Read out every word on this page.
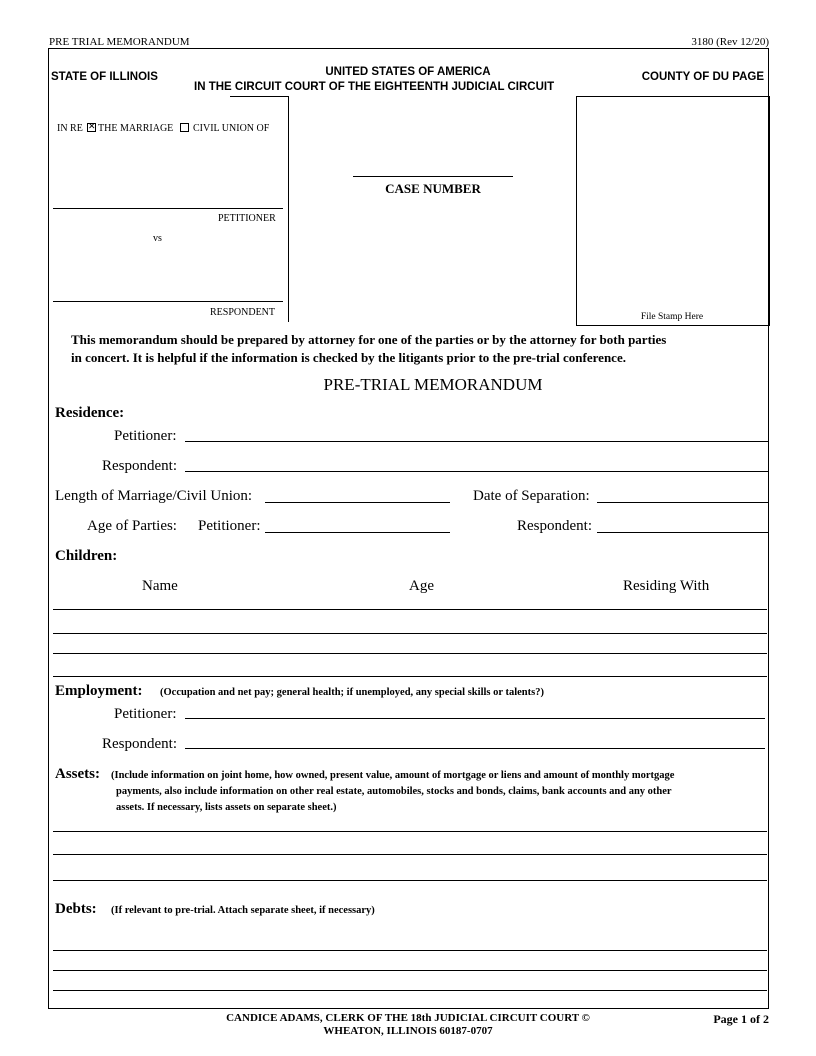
PRE TRIAL MEMORANDUM	3180 (Rev 12/20)
STATE OF ILLINOIS	UNITED STATES OF AMERICA
IN THE CIRCUIT COURT OF THE EIGHTEENTH JUDICIAL CIRCUIT
COUNTY OF DU PAGE
IN RE ✕ THE MARRIAGE CIVIL UNION OF
PETITIONER
vs
RESPONDENT
CASE NUMBER
File Stamp Here
This memorandum should be prepared by attorney for one of the parties or by the attorney for both parties
in concert. It is helpful if the information is checked by the litigants prior to the pre-trial conference.
PRE-TRIAL MEMORANDUM
Residence:
Petitioner:
Respondent:
Length of Marriage/Civil Union:	Date of Separation:
Age of Parties: Petitioner:	Respondent:
Children:
Name	Age	Residing With
Employment: (Occupation and net pay; general health; if unemployed, any special skills or talents?)
Petitioner:
Respondent:
Assets: (Include information on joint home, how owned, present value, amount of mortgage or liens and amount of monthly mortgage
payments, also include information on other real estate, automobiles, stocks and bonds, claims, bank accounts and any other
assets. If necessary, lists assets on separate sheet.)
Debts: (If relevant to pre-trial. Attach separate sheet, if necessary)
CANDICE ADAMS, CLERK OF THE 18th JUDICIAL CIRCUIT COURT ©
WHEATON, ILLINOIS 60187-0707
Page 1 of 2
